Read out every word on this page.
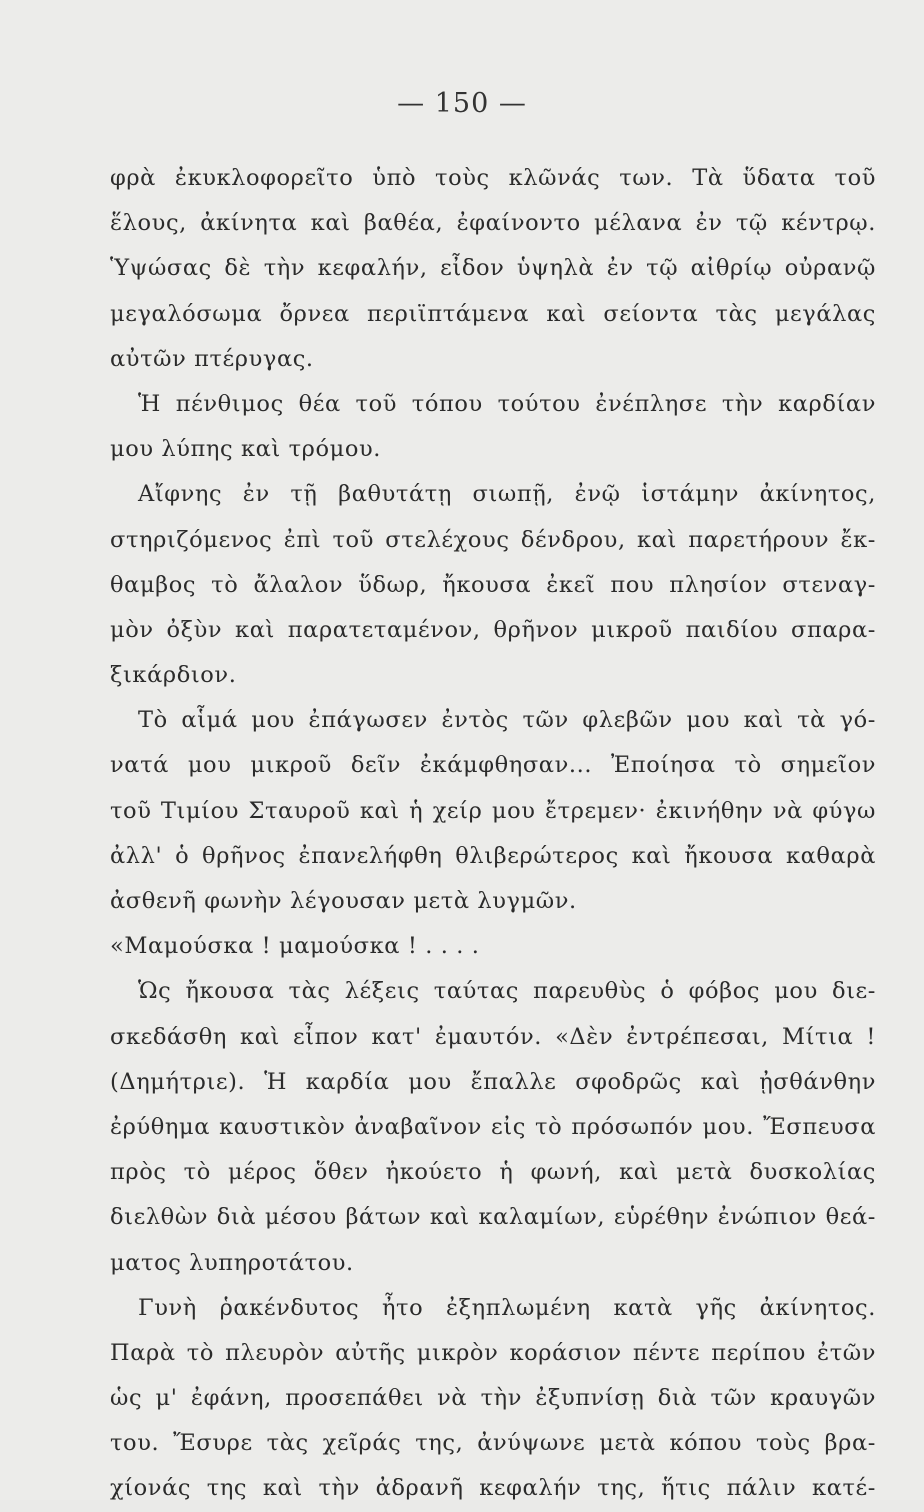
— 150 —
φρὰ ἐκυκλοφορεῖτο ὑπὸ τοὺς κλῶνάς των. Τὰ ὕδατα τοῦ
ἕλους, ἀκίνητα καὶ βαθέα, ἐφαίνοντο μέλανα ἐν τῷ κέντρῳ.
Ὑψώσας δὲ τὴν κεφαλήν, εἶδον ὑψηλὰ ἐν τῷ αἰθρίῳ οὐρανῷ
μεγαλόσωμα ὄρνεα περιϊπτάμενα καὶ σείοντα τὰς μεγάλας
αὐτῶν πτέρυγας.
Ἡ πένθιμος θέα τοῦ τόπου τούτου ἐνέπλησε τὴν καρδίαν
μου λύπης καὶ τρόμου.
Αἴφνης ἐν τῇ βαθυτάτῃ σιωπῇ, ἐνῷ ἱστάμην ἀκίνητος,
στηριζόμενος ἐπὶ τοῦ στελέχους δένδρου, καὶ παρετήρουν ἔκ-
θαμβος τὸ ἄλαλον ὕδωρ, ἤκουσα ἐκεῖ που πλησίον στεναγ-
μὸν ὀξὺν καὶ παρατεταμένον, θρῆνον μικροῦ παιδίου σπαρα-
ξικάρδιον.
Τὸ αἷμά μου ἐπάγωσεν ἐντὸς τῶν φλεβῶν μου καὶ τὰ γό-
νατά μου μικροῦ δεῖν ἐκάμφθησαν... Ἐποίησα τὸ σημεῖον
τοῦ Τιμίου Σταυροῦ καὶ ἡ χείρ μου ἔτρεμεν· ἐκινήθην νὰ φύγω
ἀλλ' ὁ θρῆνος ἐπανελήφθη θλιβερώτερος καὶ ἤκουσα καθαρὰ
ἀσθενῆ φωνὴν λέγουσαν μετὰ λυγμῶν.
«Μαμούσκα ! μαμούσκα ! . . . .
Ὡς ἤκουσα τὰς λέξεις ταύτας παρευθὺς ὁ φόβος μου διε-
σκεδάσθη καὶ εἶπον κατ' ἐμαυτόν. «Δὲν ἐντρέπεσαι, Μίτια !
(Δημήτριε). Ἡ καρδία μου ἔπαλλε σφοδρῶς καὶ ᾐσθάνθην
ἐρύθημα καυστικὸν ἀναβαῖνον εἰς τὸ πρόσωπόν μου. Ἔσπευσα
πρὸς τὸ μέρος ὅθεν ἠκούετο ἡ φωνή, καὶ μετὰ δυσκολίας
διελθὼν διὰ μέσου βάτων καὶ καλαμίων, εὑρέθην ἐνώπιον θεά-
ματος λυπηροτάτου.
Γυνὴ ῥακένδυτος ἦτο ἐξηπλωμένη κατὰ γῆς ἀκίνητος.
Παρὰ τὸ πλευρὸν αὐτῆς μικρὸν κοράσιον πέντε περίπου ἐτῶν
ὡς μ' ἐφάνη, προσεπάθει νὰ τὴν ἐξυπνίσῃ διὰ τῶν κραυγῶν
του. Ἔσυρε τὰς χεῖράς της, ἀνύψωνε μετὰ κόπου τοὺς βρα-
χίονάς της καὶ τὴν ἀδρανῆ κεφαλήν της, ἥτις πάλιν κατέ-
